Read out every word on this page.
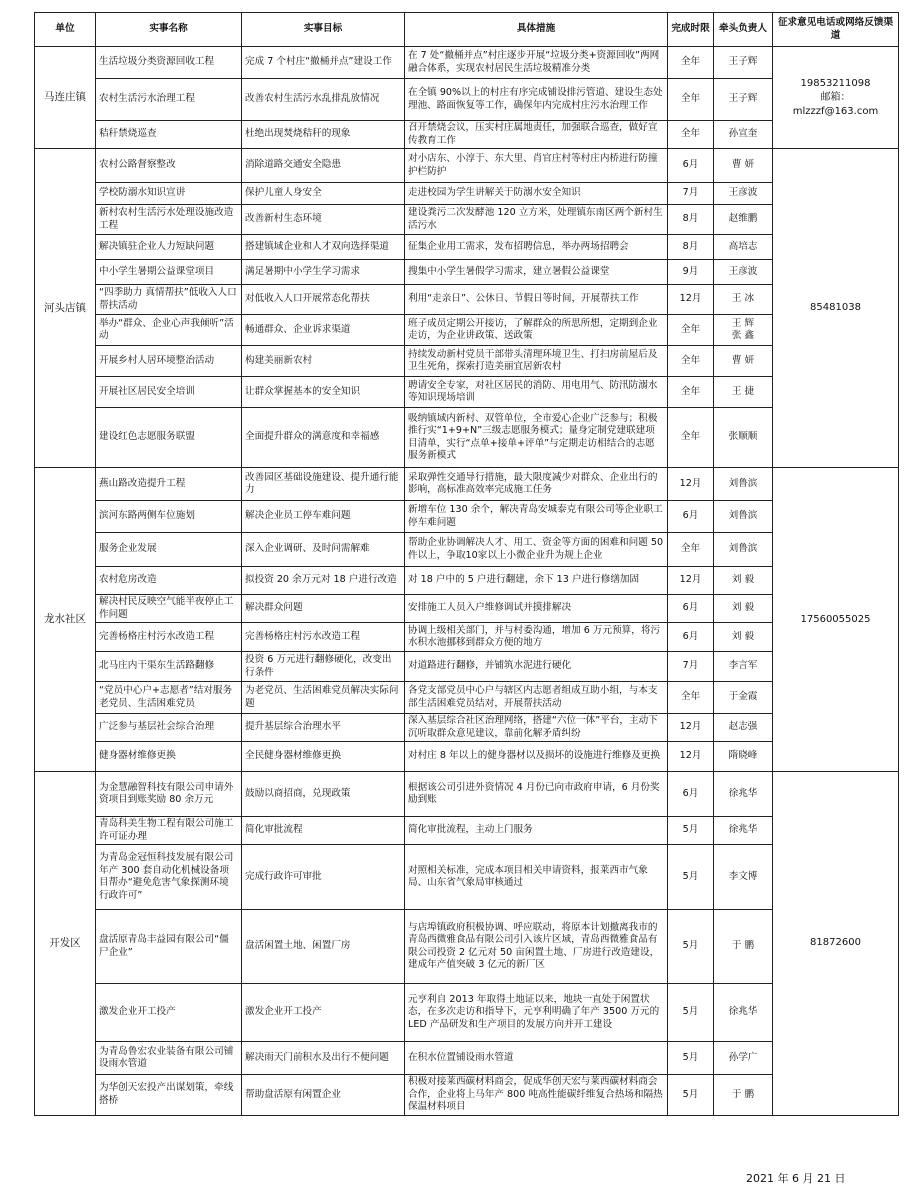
单位	实事名称	实事目标	具体措施	完成时限	牵头负责人	征求意见电话或网络反馈渠道
马连庄镇	生活垃圾分类资源回收工程	完成 7 个村庄“撤桶并点”建设工作	在 7 处“撤桶并点”村庄逐步开展“垃圾分类+资源回收”两网融合体系，实现农村居民生活垃圾精准分类	全年	王子辉	19853211098
邮箱：
mlzzzf@163.com
	农村生活污水治理工程	改善农村生活污水乱排乱放情况	在全镇 90%以上的村庄有序完成铺设排污管道、建设生态处理池、路面恢复等工作，确保年内完成村庄污水治理工作	全年	王子辉	
	秸秆禁烧巡查	杜绝出现焚烧秸秆的现象	召开禁烧会议，压实村庄属地责任，加强联合巡查，做好宣传教育工作	全年	孙宣奎	
河头店镇	农村公路督察整改	消除道路交通安全隐患	对小店东、小淳于、东大里、肖官庄村等村庄内桥进行防撞护栏防护	6月	曹 妍	85481038
	学校防溺水知识宣讲	保护儿童人身安全	走进校园为学生讲解关于防溺水安全知识	7月	王彦波	
	新村农村生活污水处理设施改造工程	改善新村生态环境	建设粪污二次发酵池 120 立方米，处理镇东南区两个新村生活污水	8月	赵维鹏	
	解决镇驻企业人力短缺问题	搭建镇域企业和人才双向选择渠道	征集企业用工需求，发布招聘信息，举办两场招聘会	8月	高培志	
	中小学生暑期公益课堂项目	满足暑期中小学生学习需求	搜集中小学生暑假学习需求，建立暑假公益课堂	9月	王彦波	
	“四季助力 真情帮扶”低收入人口帮扶活动	对低收入人口开展常态化帮扶	利用“走亲日”、公休日、节假日等时间，开展帮扶工作	12月	王 冰	
	举办“群众、企业心声我倾听”活动	畅通群众、企业诉求渠道	班子成员定期公开接访，了解群众的所思所想，定期到企业走访，为企业讲政策、送政策	全年	王 辉
张 鑫	
	开展乡村人居环境整治活动	构建美丽新农村	持续发动新村党员干部带头清理环境卫生、打扫房前屋后及卫生死角，探索打造美丽宜居新农村	全年	曹 妍	
	开展社区居民安全培训	让群众掌握基本的安全知识	聘请安全专家，对社区居民的消防、用电用气、防汛防溺水等知识现场培训	全年	王 捷	
	建设红色志愿服务联盟	全面提升群众的满意度和幸福感	吸纳镇域内新村、双管单位，全市爱心企业广泛参与；积极推行实“1+9+N”三级志愿服务模式；量身定制党建联建项目清单，实行“点单+接单+评单”与定期走访相结合的志愿服务新模式	全年	张顺顺	
龙水社区	燕山路改造提升工程	改善园区基础设施建设、提升通行能力	采取弹性交通导行措施，最大限度减少对群众、企业出行的影响，高标准高效率完成施工任务	12月	刘鲁滨	17560055025
	滨河东路两侧车位施划	解决企业员工停车难问题	新增车位 130 余个，解决青岛安城泰克有限公司等企业职工停车难问题	6月	刘鲁滨	
	服务企业发展	深入企业调研、及时问需解难	帮助企业协调解决人才、用工、资金等方面的困难和问题 50 件以上，争取10家以上小微企业升为规上企业	全年	刘鲁滨	
	农村危房改造	拟投资 20 余万元对 18 户进行改造	对 18 户中的 5 户进行翻建，余下 13 户进行修缮加固	12月	刘 毅	
	解决村民反映空气能半夜停止工作问题	解决群众问题	安排施工人员入户维修调试并摸排解决	6月	刘 毅	
	完善杨格庄村污水改造工程	完善杨格庄村污水改造工程	协调上级相关部门，并与村委沟通，增加 6 万元预算，将污水积水池挪移到群众方便的地方	6月	刘 毅	
	北马庄内干渠东生活路翻修	投资 6 万元进行翻修硬化，改变出行条件	对道路进行翻修，并铺筑水泥进行硬化	7月	李言军	
	“党员中心户+志愿者”结对服务老党员、生活困难党员	为老党员、生活困难党员解决实际问题	各党支部党员中心户与辖区内志愿者组成互助小组，与本支部生活困难党员结对，开展帮扶活动	全年	于金霞	
	广泛参与基层社会综合治理	提升基层综合治理水平	深入基层综合社区治理网络，搭建“六位一体”平台，主动下沉听取群众意见建议，靠前化解矛盾纠纷	12月	赵志强	
	健身器材维修更换	全民健身器材维修更换	对村庄 8 年以上的健身器材以及损坏的设施进行维修及更换	12月	隋晓峰	
开发区	为金慧融智科技有限公司申请外资项目到账奖励 80 余万元	鼓励以商招商，兑现政策	根据该公司引进外资情况 4 月份已向市政府申请，6 月份奖励到账	6月	徐兆华	81872600
	青岛科美生物工程有限公司施工许可证办理	简化审批流程	简化审批流程，主动上门服务	5月	徐兆华	
	为青岛金冠恒科技发展有限公司年产 300 套自动化机械设备项目帮办“避免危害气象探测环境行政许可”	完成行政许可审批	对照相关标准，完成本项目相关申请资料，报莱西市气象局、山东省气象局审核通过	5月	李文博	
	盘活原青岛丰益园有限公司“僵尸企业”	盘活闲置土地、闲置厂房	与店埠镇政府积极协调、呼应联动，将原本计划撤离我市的青岛西微雅食品有限公司引入该片区域，青岛西微雅食品有限公司投资 2 亿元对 50 亩闲置土地、厂房进行改造建设，建成年产值突破 3 亿元的新厂区	5月	于 鹏	
	激发企业开工投产	激发企业开工投产	元亨利自 2013 年取得土地证以来，地块一直处于闲置状态，在多次走访和指导下，元亨利明确了年产 3500 万元的 LED 产品研发和生产项目的发展方向并开工建设	5月	徐兆华	
	为青岛鲁宏农业装备有限公司铺设雨水管道	解决雨天门前积水及出行不便问题	在积水位置铺设雨水管道	5月	孙学广	
	为华创天宏投产出谋划策，牵线搭桥	帮助盘活原有闲置企业	积极对接莱西碳材料商会，促成华创天宏与莱西碳材料商会合作，企业将上马年产 800 吨高性能碳纤维复合热场和隔热保温材料项目	5月	于 鹏	
2021 年 6 月 21 日
